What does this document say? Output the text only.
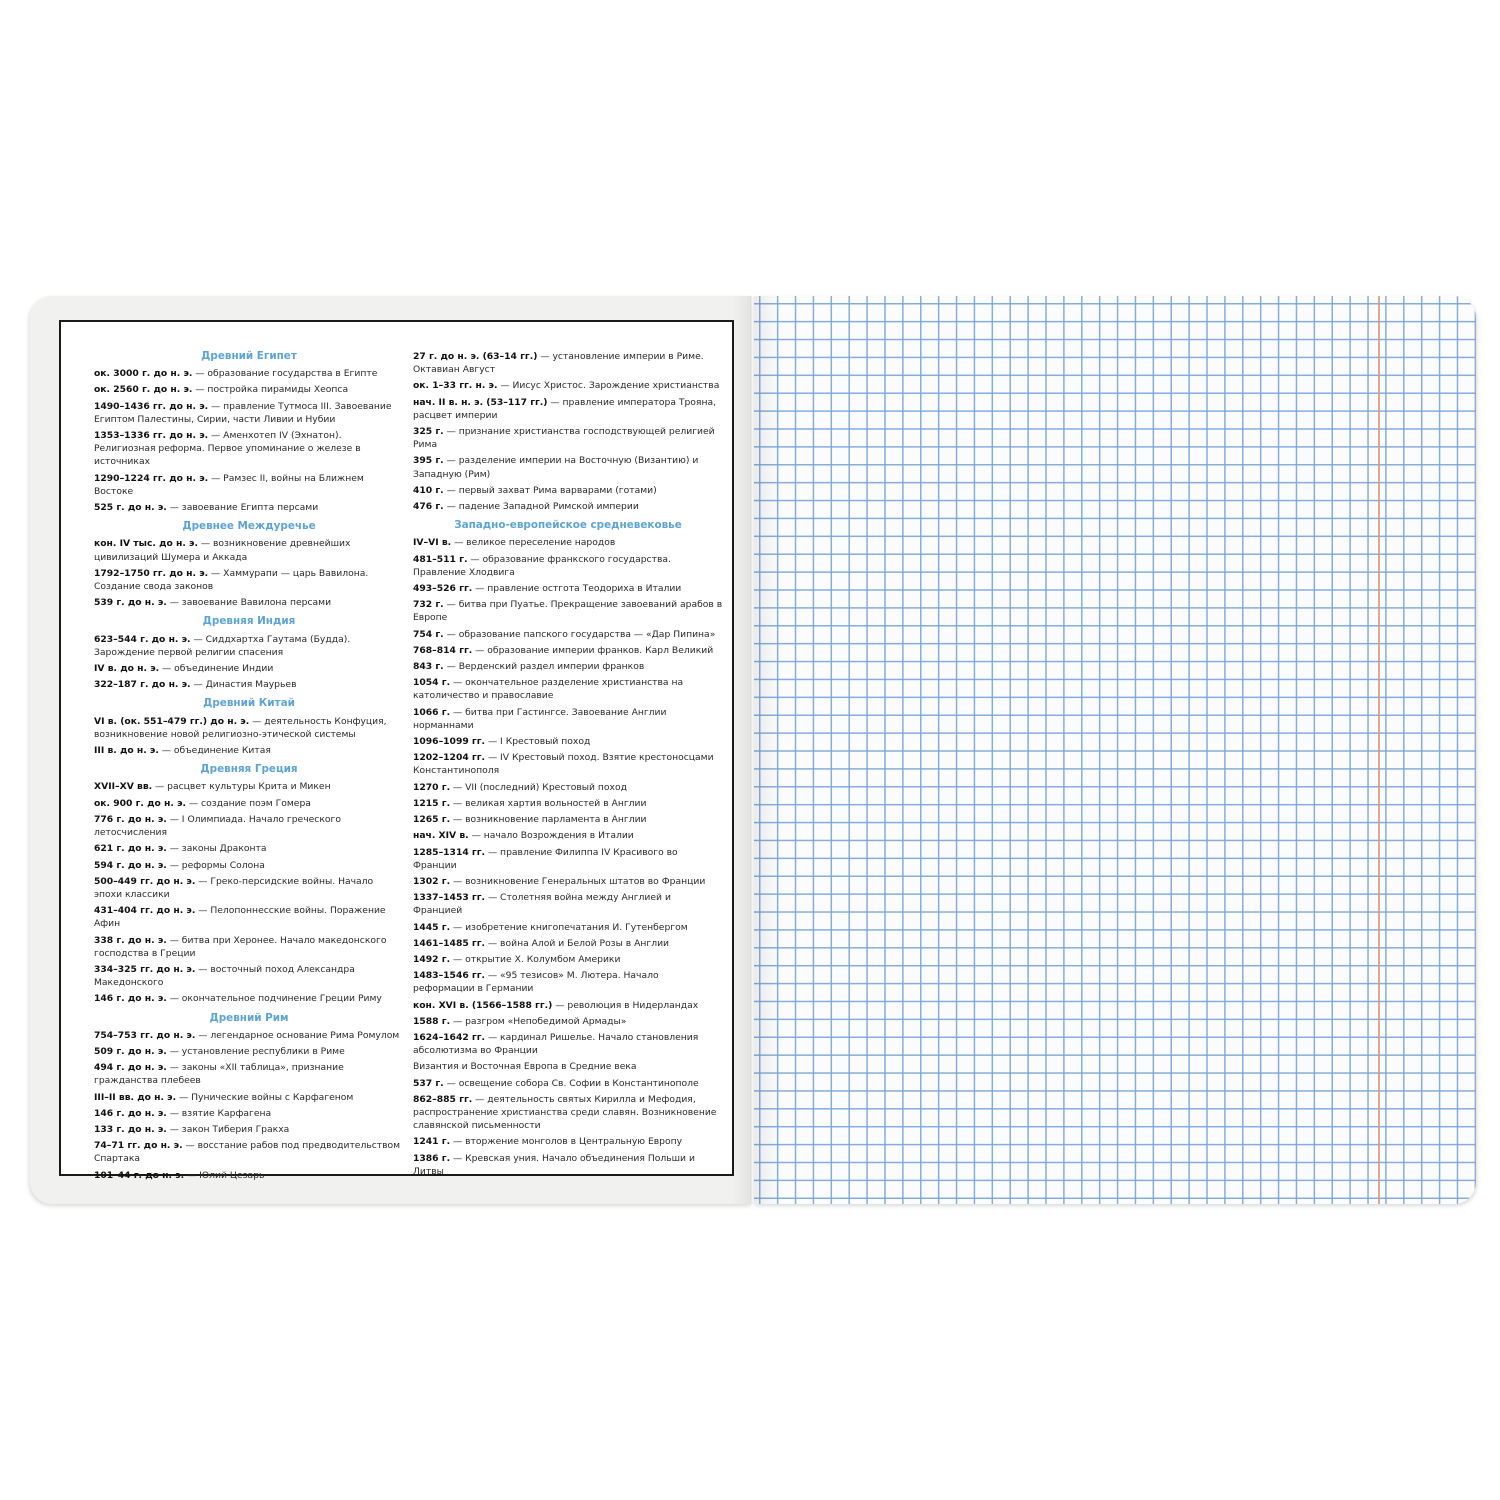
Древний Египет
ок. 3000 г. до н. э. — образование государства в Египте
ок. 2560 г. до н. э. — постройка пирамиды Хеопса
1490–1436 гг. до н. э. — правление Тутмоса III. Завоевание Египтом Палестины, Сирии, части Ливии и Нубии
1353–1336 гг. до н. э. — Аменхотеп IV (Эхнатон). Религиозная реформа. Первое упоминание о железе в источниках
1290–1224 гг. до н. э. — Рамзес II, войны на Ближнем Востоке
525 г. до н. э. — завоевание Египта персами
Древнее Междуречье
кон. IV тыс. до н. э. — возникновение древнейших цивилизаций Шумера и Аккада
1792–1750 гг. до н. э. — Хаммурапи — царь Вавилона. Создание свода законов
539 г. до н. э. — завоевание Вавилона персами
Древняя Индия
623–544 г. до н. э. — Сиддхартха Гаутама (Будда). Зарождение первой религии спасения
IV в. до н. э. — объединение Индии
322–187 г. до н. э. — Династия Маурьев
Древний Китай
VI в. (ок. 551–479 гг.) до н. э. — деятельность Конфуция, возникновение новой религиозно-этической системы
III в. до н. э. — объединение Китая
Древняя Греция
XVII–XV вв. — расцвет культуры Крита и Микен
ок. 900 г. до н. э. — создание поэм Гомера
776 г. до н. э. — I Олимпиада. Начало греческого летосчисления
621 г. до н. э. — законы Драконта
594 г. до н. э. — реформы Солона
500–449 гг. до н. э. — Греко-персидские войны. Начало эпохи классики
431–404 гг. до н. э. — Пелопоннесские войны. Поражение Афин
338 г. до н. э. — битва при Херонее. Начало македонского господства в Греции
334–325 гг. до н. э. — восточный поход Александра Македонского
146 г. до н. э. — окончательное подчинение Греции Риму
Древний Рим
754–753 гг. до н. э. — легендарное основание Рима Ромулом
509 г. до н. э. — установление республики в Риме
494 г. до н. э. — законы «XII таблица», признание гражданства плебеев
III–II вв. до н. э. — Пунические войны с Карфагеном
146 г. до н. э. — взятие Карфагена
133 г. до н. э. — закон Тиберия Гракха
74–71 гг. до н. э. — восстание рабов под предводительством Спартака
101–44 г. до н. э. — Юлий Цезарь
27 г. до н. э. (63–14 гг.) — установление империи в Риме. Октавиан Август
ок. 1–33 гг. н. э. — Иисус Христос. Зарождение христианства
нач. II в. н. э. (53–117 гг.) — правление императора Трояна, расцвет империи
325 г. — признание христианства господствующей религией Рима
395 г. — разделение империи на Восточную (Византию) и Западную (Рим)
410 г. — первый захват Рима варварами (готами)
476 г. — падение Западной Римской империи
Западно-европейское средневековье
IV–VI в. — великое переселение народов
481–511 г. — образование франкского государства. Правление Хлодвига
493–526 гг. — правление остгота Теодориха в Италии
732 г. — битва при Пуатье. Прекращение завоеваний арабов в Европе
754 г. — образование папского государства — «Дар Пипина»
768–814 гг. — образование империи франков. Карл Великий
843 г. — Верденский раздел империи франков
1054 г. — окончательное разделение христианства на католичество и православие
1066 г. — битва при Гастингсе. Завоевание Англии норманнами
1096–1099 гг. — I Крестовый поход
1202–1204 гг. — IV Крестовый поход. Взятие крестоносцами Константинополя
1270 г. — VII (последний) Крестовый поход
1215 г. — великая хартия вольностей в Англии
1265 г. — возникновение парламента в Англии
нач. XIV в. — начало Возрождения в Италии
1285–1314 гг. — правление Филиппа IV Красивого во Франции
1302 г. — возникновение Генеральных штатов во Франции
1337–1453 гг. — Столетняя война между Англией и Францией
1445 г. — изобретение книгопечатания И. Гутенбергом
1461–1485 гг. — война Алой и Белой Розы в Англии
1492 г. — открытие Х. Колумбом Америки
1483–1546 гг. — «95 тезисов» М. Лютера. Начало реформации в Германии
кон. XVI в. (1566–1588 гг.) — революция в Нидерландах
1588 г. — разгром «Непобедимой Армады»
1624–1642 гг. — кардинал Ришелье. Начало становления абсолютизма во Франции
Византия и Восточная Европа в Средние века
537 г. — освещение собора Св. Софии в Константинополе
862–885 гг. — деятельность святых Кирилла и Мефодия, распространение христианства среди славян. Возникновение славянской письменности
1241 г. — вторжение монголов в Центральную Европу
1386 г. — Кревская уния. Начало объединения Польши и Литвы
